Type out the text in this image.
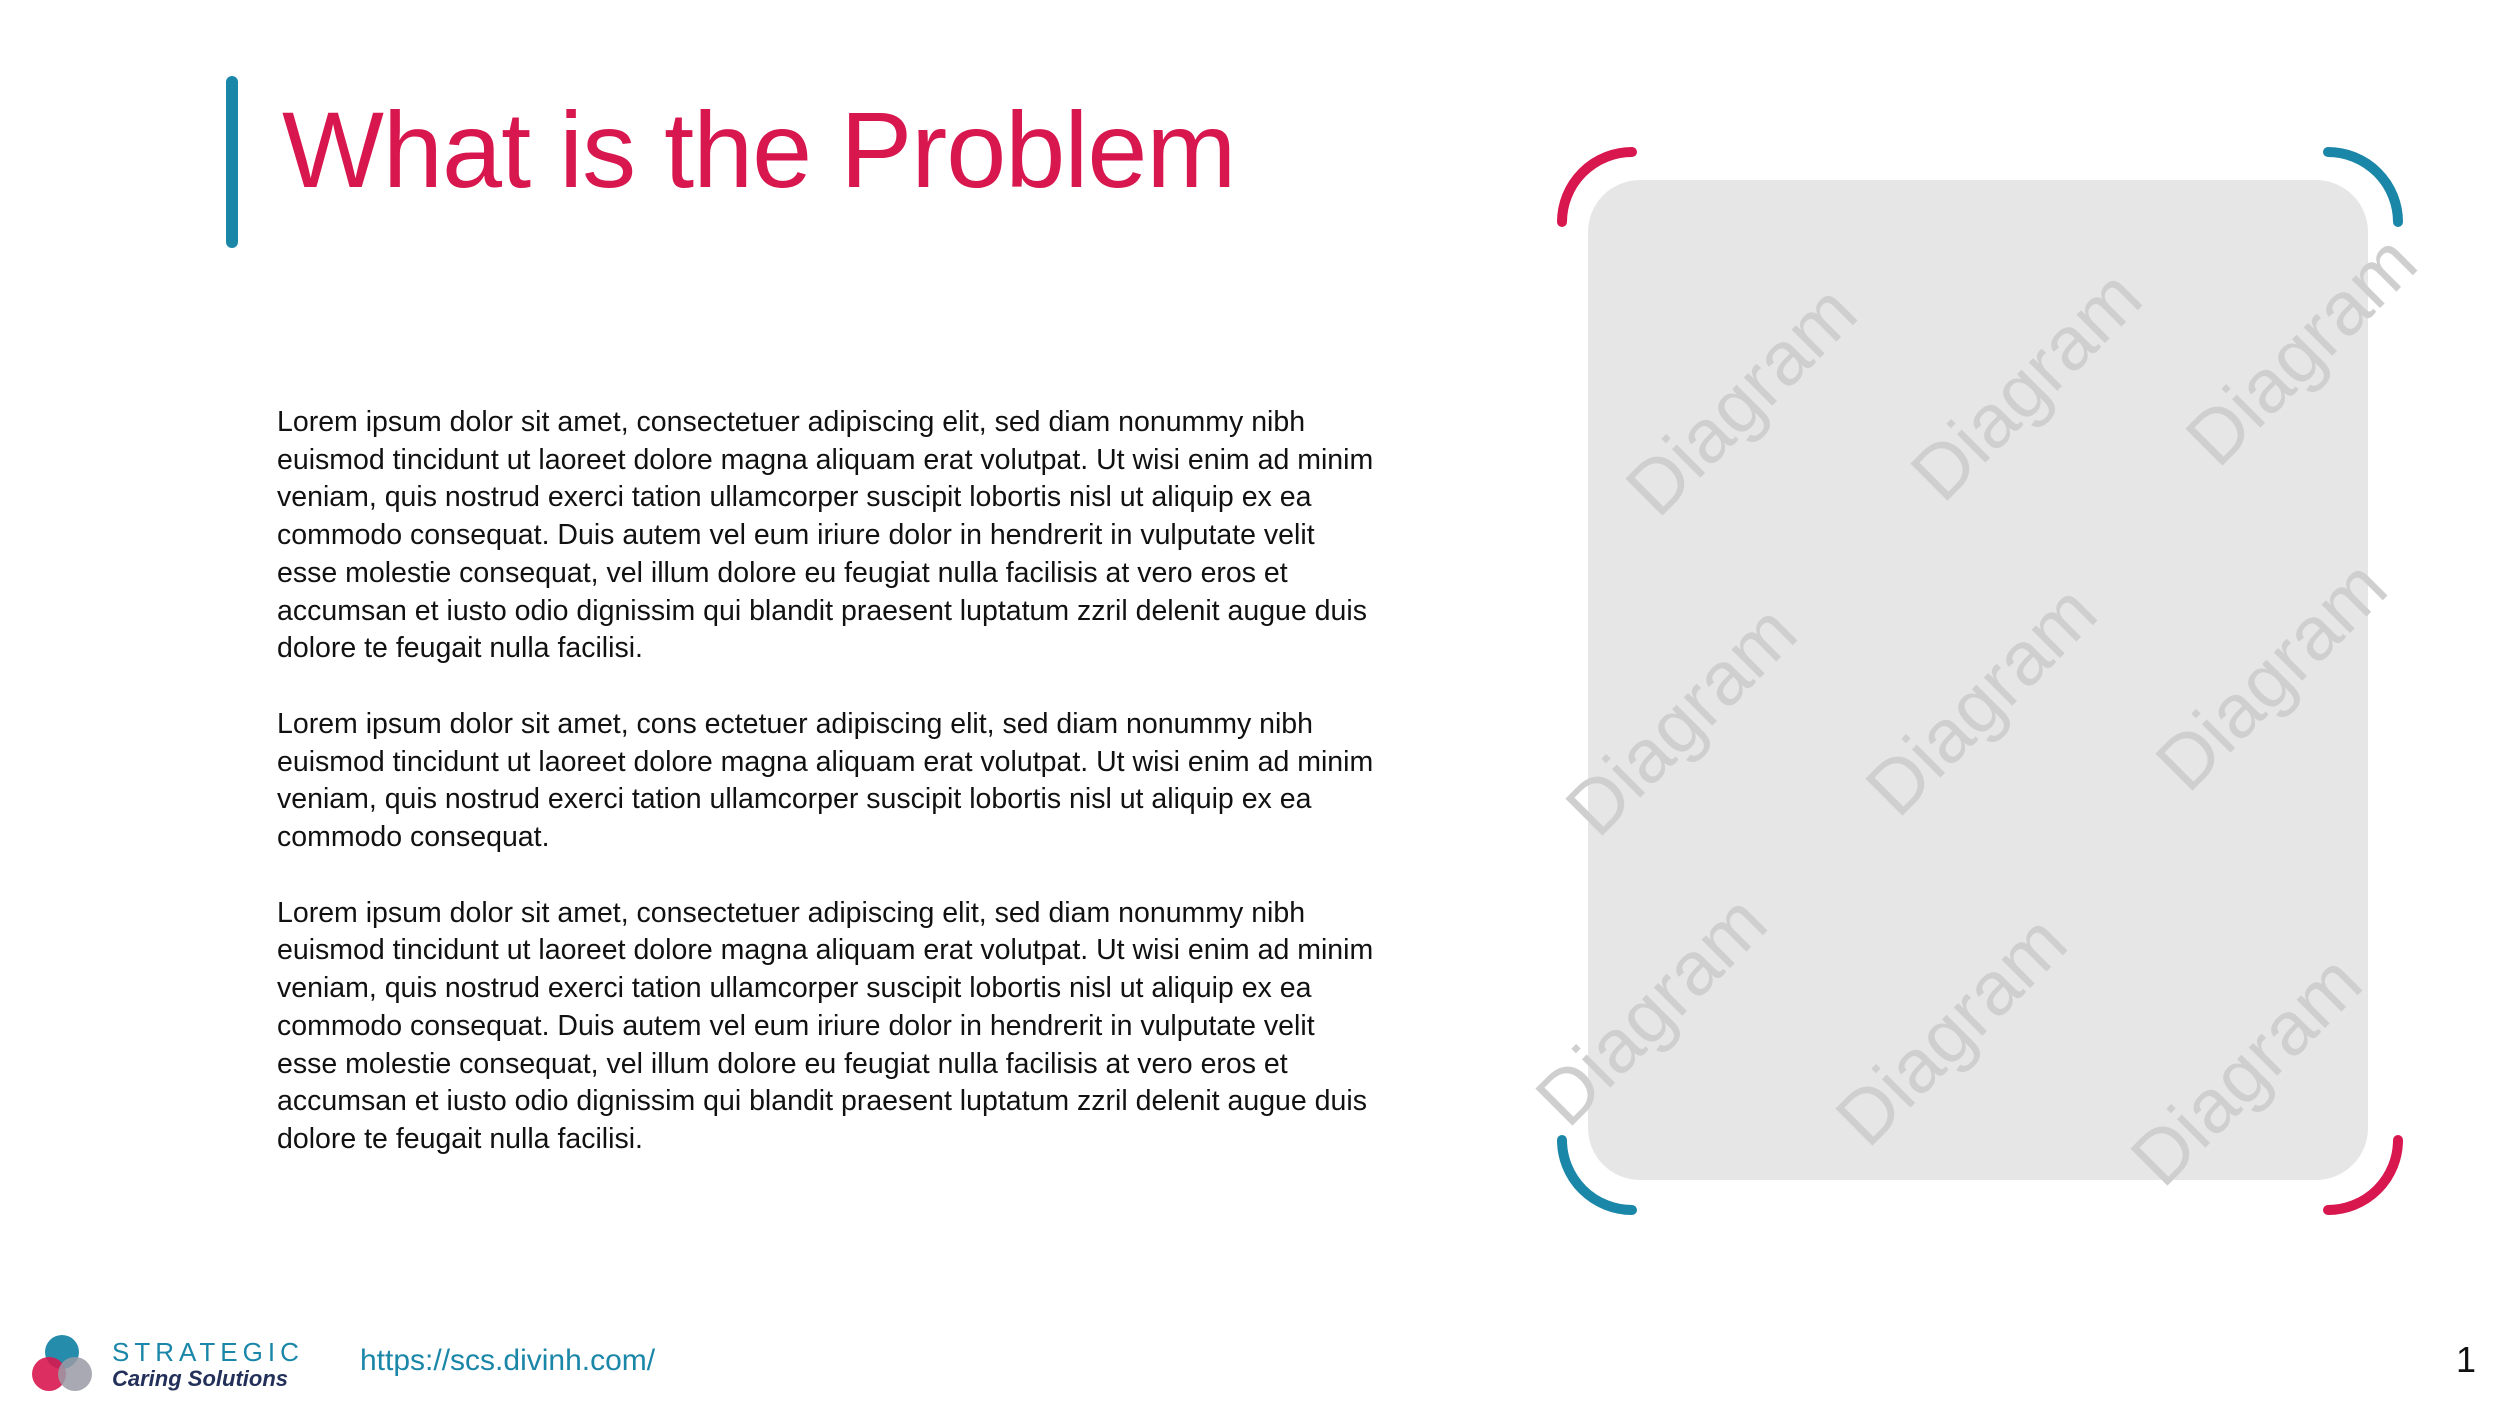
What is the Problem

Lorem ipsum dolor sit amet, consectetuer adipiscing elit, sed diam nonummy nibh euismod tincidunt ut laoreet dolore magna aliquam erat volutpat. Ut wisi enim ad minim veniam, quis nostrud exerci tation ullamcorper suscipit lobortis nisl ut aliquip ex ea commodo consequat. Duis autem vel eum iriure dolor in hendrerit in vulputate velit esse molestie consequat, vel illum dolore eu feugiat nulla facilisis at vero eros et accumsan et iusto odio dignissim qui blandit praesent luptatum zzril delenit augue duis dolore te feugait nulla facilisi.

Lorem ipsum dolor sit amet, cons ectetuer adipiscing elit, sed diam nonummy nibh euismod tincidunt ut laoreet dolore magna aliquam erat volutpat. Ut wisi enim ad minim veniam, quis nostrud exerci tation ullamcorper suscipit lobortis nisl ut aliquip ex ea commodo consequat.

Lorem ipsum dolor sit amet, consectetuer adipiscing elit, sed diam nonummy nibh euismod tincidunt ut laoreet dolore magna aliquam erat volutpat. Ut wisi enim ad minim veniam, quis nostrud exerci tation ullamcorper suscipit lobortis nisl ut aliquip ex ea commodo consequat. Duis autem vel eum iriure dolor in hendrerit in vulputate velit esse molestie consequat, vel illum dolore eu feugiat nulla facilisis at vero eros et accumsan et iusto odio dignissim qui blandit praesent luptatum zzril delenit augue duis dolore te feugait nulla facilisi.

Diagram Diagram Diagram
Diagram Diagram Diagram
Diagram Diagram Diagram
STRATEGIC
Caring Solutions
https://scs.divinh.com/	1
